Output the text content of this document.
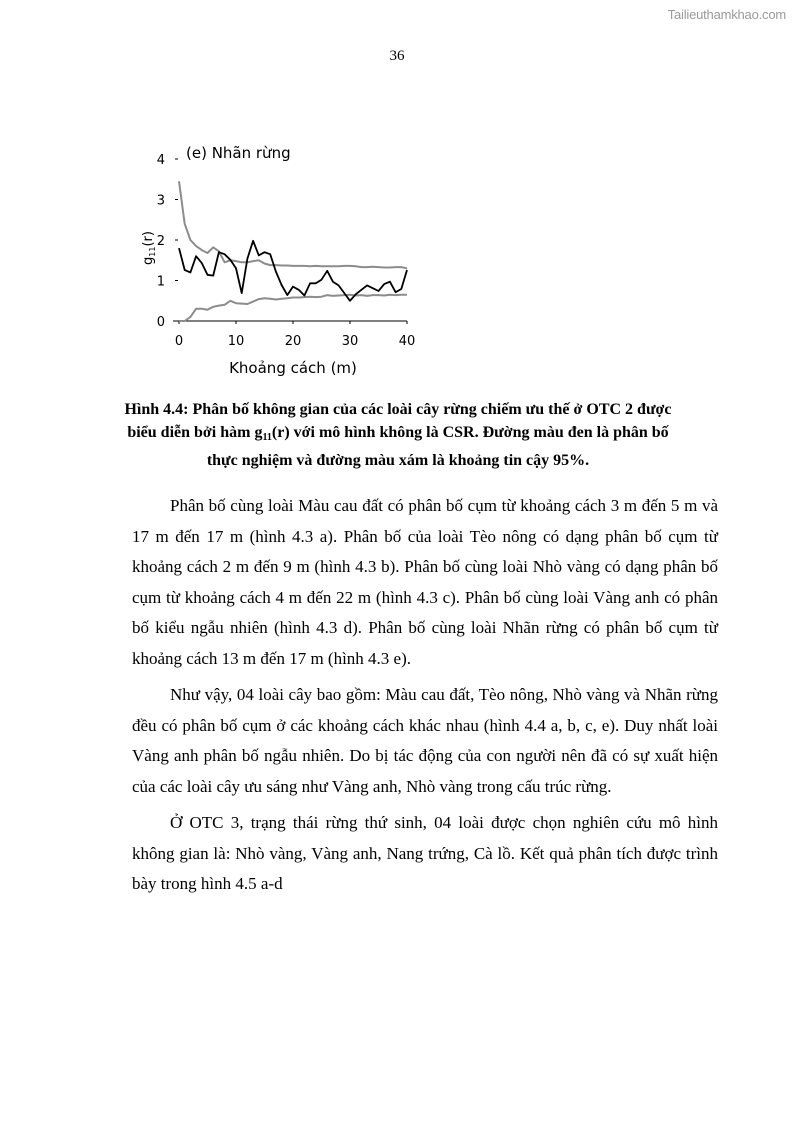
Tailieuthamkhao.com
36
0	10	20	30	40
0
1
2
3
4
$g_{11}(r)$
Khoảng cách (m)
(e) Nhãn rừng
Hình 4.4: Phân bố không gian của các loài cây rừng chiếm ưu thế ở OTC 2 được biểu diễn bởi hàm $g_{11}(r)$ với mô hình không là CSR. Đường màu đen là phân bố thực nghiệm và đường màu xám là khoảng tin cậy 95%.

Phân bố cùng loài Màu cau đất có phân bố cụm từ khoảng cách 3 m đến 5 m và 17 m đến 17 m (hình 4.3 a). Phân bố của loài Tèo nông có dạng phân bố cụm từ khoảng cách 2 m đến 9 m (hình 4.3 b). Phân bố cùng loài Nhò vàng có dạng phân bố cụm từ khoảng cách 4 m đến 22 m (hình 4.3 c). Phân bố cùng loài Vàng anh có phân bố kiểu ngẫu nhiên (hình 4.3 d). Phân bố cùng loài Nhãn rừng có phân bố cụm từ khoảng cách 13 m đến 17 m (hình 4.3 e).

Như vậy, 04 loài cây bao gồm: Màu cau đất, Tèo nông, Nhò vàng và Nhãn rừng đều có phân bố cụm ở các khoảng cách khác nhau (hình 4.4 a, b, c, e). Duy nhất loài Vàng anh phân bố ngẫu nhiên. Do bị tác động của con người nên đã có sự xuất hiện của các loài cây ưu sáng như Vàng anh, Nhò vàng trong cấu trúc rừng.

Ở OTC 3, trạng thái rừng thứ sinh, 04 loài được chọn nghiên cứu mô hình không gian là: Nhò vàng, Vàng anh, Nang trứng, Cà lồ. Kết quả phân tích được trình bày trong hình 4.5 a-d
